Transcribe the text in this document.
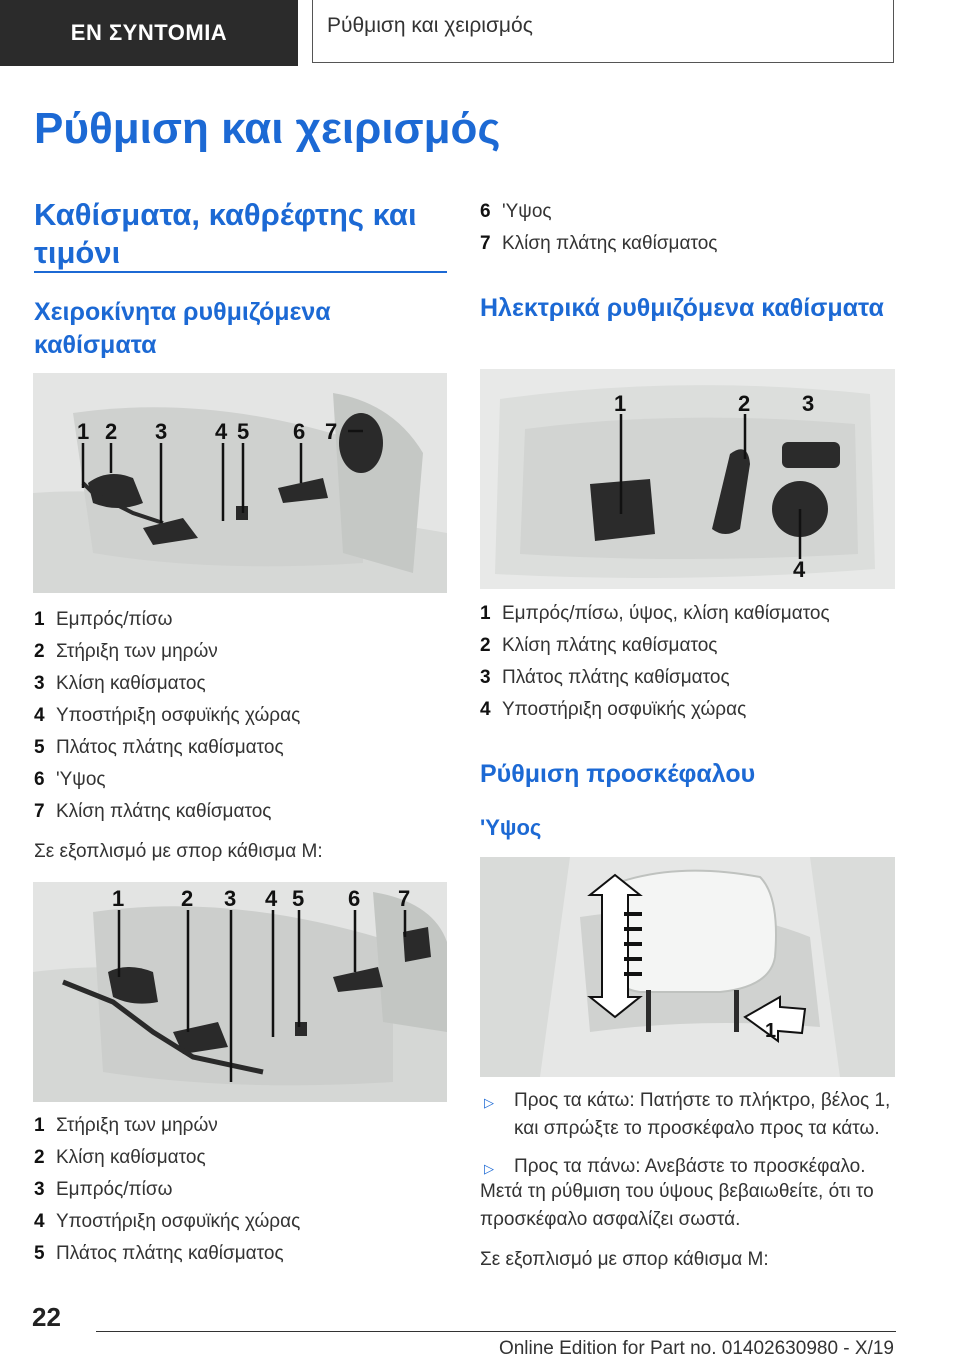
ΕΝ ΣΥΝΤΟΜΙΑ	Ρύθμιση και χειρισμός
Ρύθμιση και χειρισμός
Καθίσματα, καθρέφτης και τιμόνι
Χειροκίνητα ρυθμιζόμενα καθίσματα
1 2 3 4 5 6 7
1 Εμπρός/πίσω
2 Στήριξη των μηρών
3 Κλίση καθίσματος
4 Υποστήριξη οσφυϊκής χώρας
5 Πλάτος πλάτης καθίσματος
6 'Υψος
7 Κλίση πλάτης καθίσματος

Σε εξοπλισμό με σπορ κάθισμα Μ:

1	2 3 4 5 6 7
1 Στήριξη των μηρών
2 Κλίση καθίσματος
3 Εμπρός/πίσω
4 Υποστήριξη οσφυϊκής χώρας
5 Πλάτος πλάτης καθίσματος
6 'Υψος
7 Κλίση πλάτης καθίσματος
Ηλεκτρικά ρυθμιζόμενα καθίσματα
1	2 3
4
1 Εμπρός/πίσω, ύψος, κλίση καθίσματος
2 Κλίση πλάτης καθίσματος
3 Πλάτος πλάτης καθίσματος
4 Υποστήριξη οσφυϊκής χώρας
Ρύθμιση προσκέφαλου
'Υψος
1
▷	Προς τα κάτω: Πατήστε το πλήκτρο, βέλος 1, και σπρώξτε το προσκέφαλο προς τα κάτω.
▷	Προς τα πάνω: Ανεβάστε το προσκέφαλο.

Μετά τη ρύθμιση του ύψους βεβαιωθείτε, ότι το προσκέφαλο ασφαλίζει σωστά.

Σε εξοπλισμό με σπορ κάθισμα Μ:

22

Online Edition for Part no. 01402630980 - X/19
